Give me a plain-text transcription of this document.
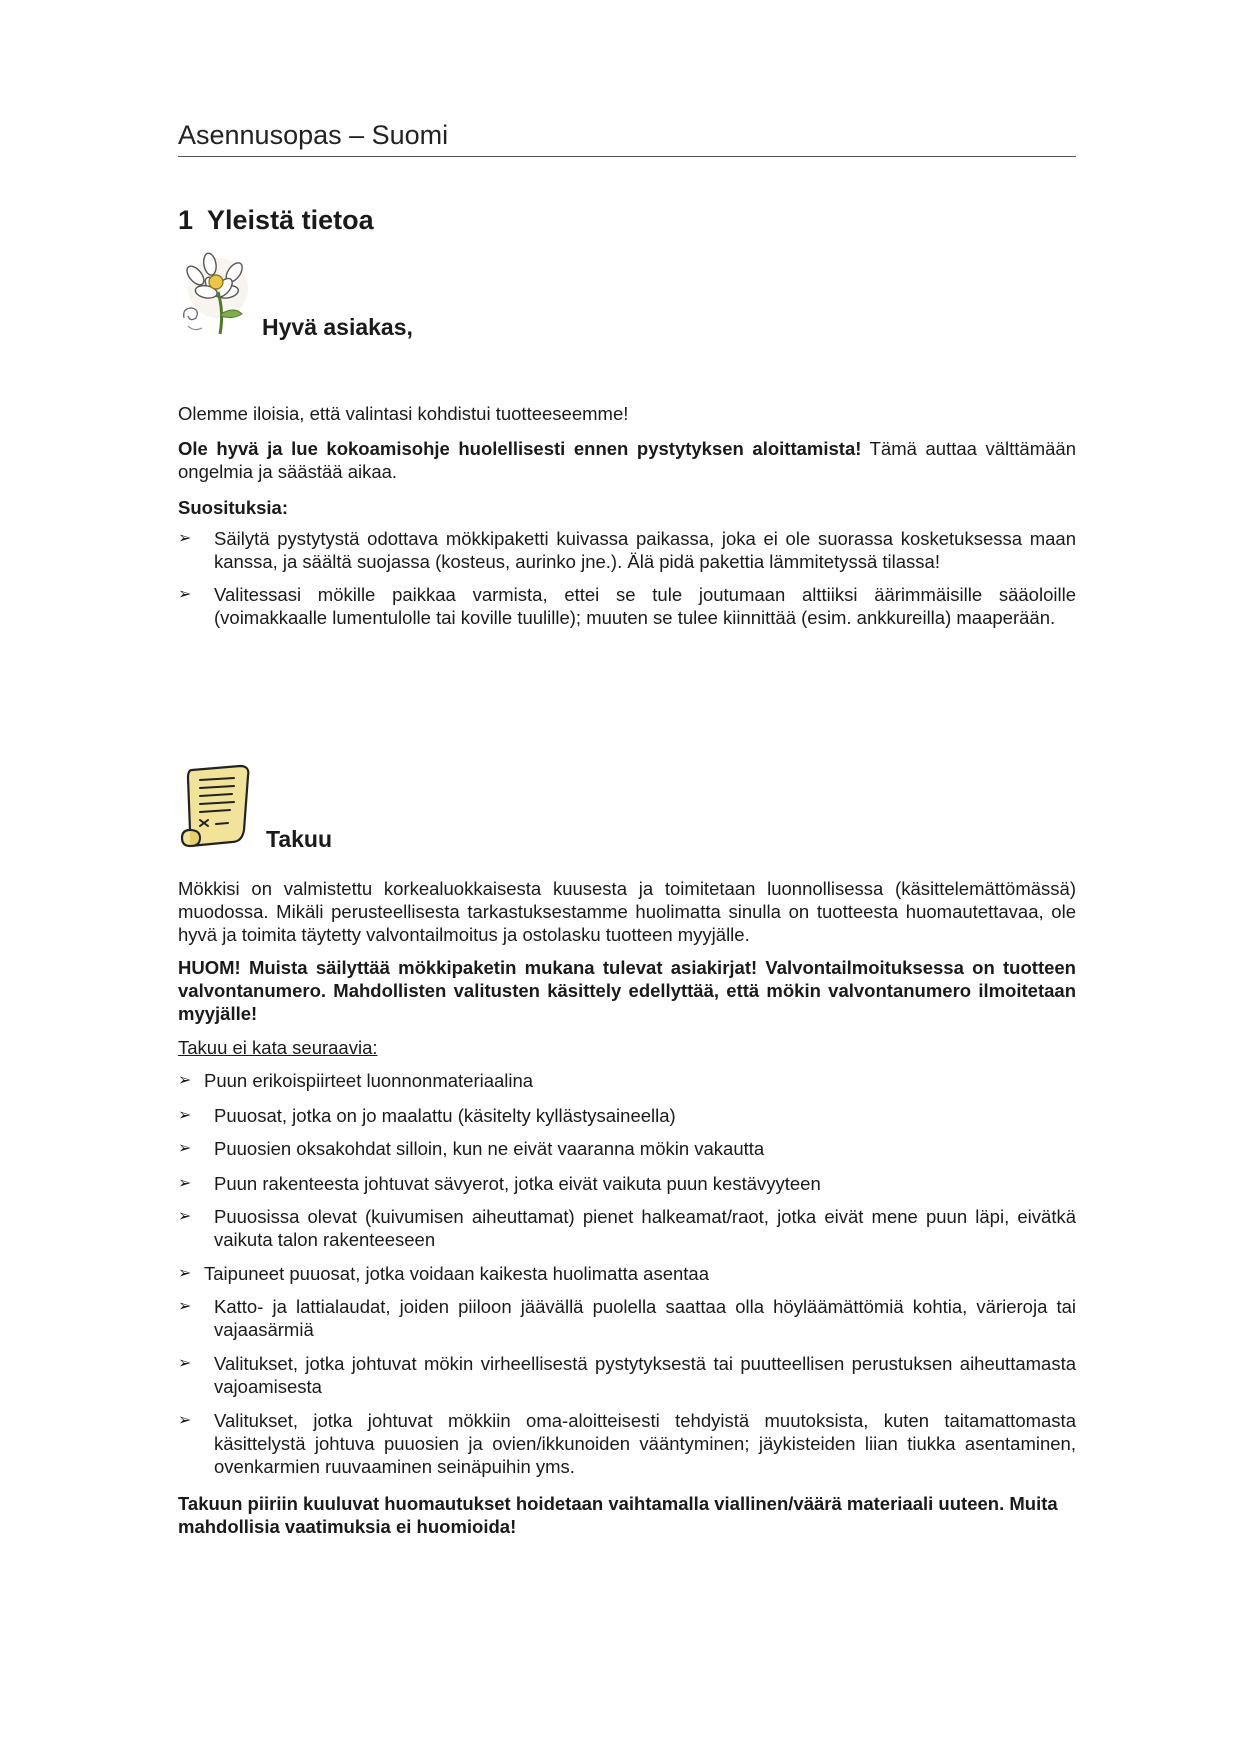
Asennusopas – Suomi
1 Yleistä tietoa
Hyvä asiakas,
Olemme iloisia, että valintasi kohdistui tuotteeseemme!
Ole hyvä ja lue kokoamisohje huolellisesti ennen pystytyksen aloittamista! Tämä auttaa välttämään ongelmia ja säästää aikaa.
Suosituksia:
➢ Säilytä pystytystä odottava mökkipaketti kuivassa paikassa, joka ei ole suorassa kosketuksessa maan kanssa, ja säältä suojassa (kosteus, aurinko jne.). Älä pidä pakettia lämmitetyssä tilassa!
➢ Valitessasi mökille paikkaa varmista, ettei se tule joutumaan alttiiksi äärimmäisille sääoloille (voimakkaalle lumentulolle tai koville tuulille); muuten se tulee kiinnittää (esim. ankkureilla) maaperään.
Takuu
Mökkisi on valmistettu korkealuokkaisesta kuusesta ja toimitetaan luonnollisessa (käsittelemättömässä) muodossa. Mikäli perusteellisesta tarkastuksestamme huolimatta sinulla on tuotteesta huomautettavaa, ole hyvä ja toimita täytetty valvontailmoitus ja ostolasku tuotteen myyjälle.
HUOM! Muista säilyttää mökkipaketin mukana tulevat asiakirjat! Valvontailmoituksessa on tuotteen valvontanumero. Mahdollisten valitusten käsittely edellyttää, että mökin valvontanumero ilmoitetaan myyjälle!
Takuu ei kata seuraavia:
➢ Puun erikoispiirteet luonnonmateriaalina
➢ Puuosat, jotka on jo maalattu (käsitelty kyllästysaineella)
➢ Puuosien oksakohdat silloin, kun ne eivät vaaranna mökin vakautta
➢ Puun rakenteesta johtuvat sävyerot, jotka eivät vaikuta puun kestävyyteen
➢ Puuosissa olevat (kuivumisen aiheuttamat) pienet halkeamat/raot, jotka eivät mene puun läpi, eivätkä vaikuta talon rakenteeseen
➢ Taipuneet puuosat, jotka voidaan kaikesta huolimatta asentaa
➢ Katto- ja lattialaudat, joiden piiloon jäävällä puolella saattaa olla höyläämättömiä kohtia, värieroja tai vajaasärmiä
➢ Valitukset, jotka johtuvat mökin virheellisestä pystytyksestä tai puutteellisen perustuksen aiheuttamasta vajoamisesta
➢ Valitukset, jotka johtuvat mökkiin oma-aloitteisesti tehdyistä muutoksista, kuten taitamattomasta käsittelystä johtuva puuosien ja ovien/ikkunoiden vääntyminen; jäykisteiden liian tiukka asentaminen, ovenkarmien ruuvaaminen seinäpuihin yms.
Takuun piiriin kuuluvat huomautukset hoidetaan vaihtamalla viallinen/väärä materiaali uuteen. Muita mahdollisia vaatimuksia ei huomioida!
